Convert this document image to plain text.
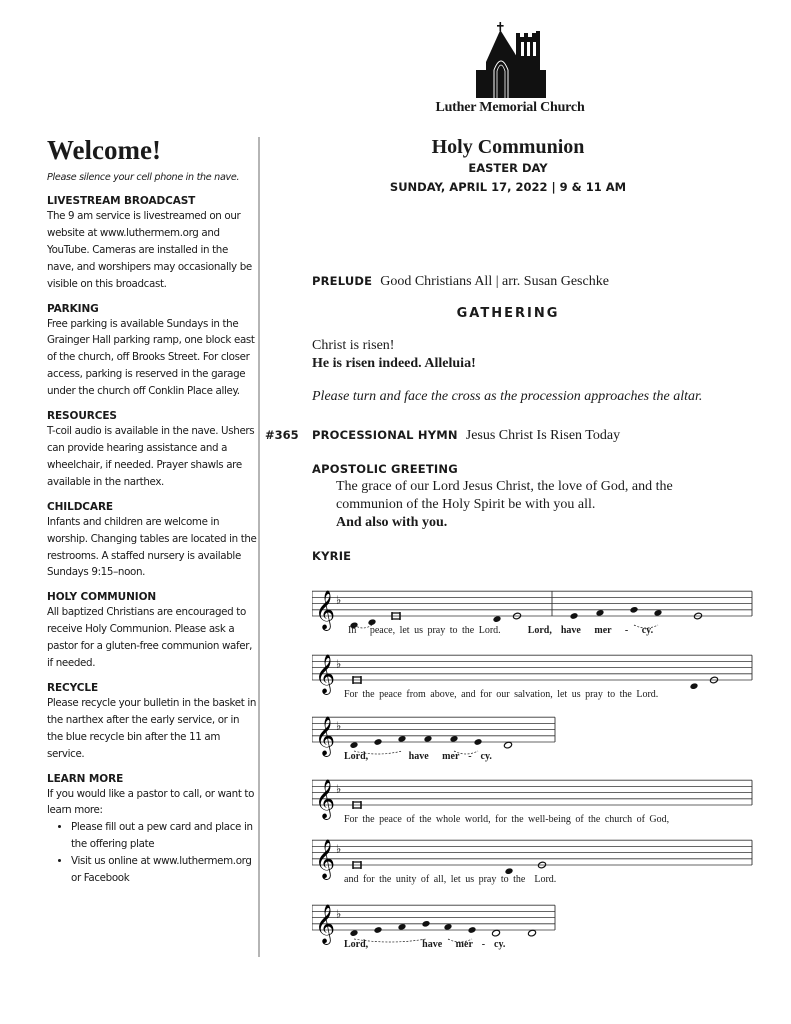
Luther Memorial Church
Welcome!
Please silence your cell phone in the nave.
LIVESTREAM BROADCAST

The 9 am service is livestreamed on our website at www.luthermem.org and YouTube. Cameras are installed in the nave, and worshipers may occasionally be visible on this broadcast.

PARKING

Free parking is available Sundays in the Grainger Hall parking ramp, one block east of the church, off Brooks Street. For closer access, parking is reserved in the garage under the church off Conklin Place alley.

RESOURCES

T-coil audio is available in the nave. Ushers can provide hearing assistance and a wheelchair, if needed. Prayer shawls are available in the narthex.

CHILDCARE

Infants and children are welcome in worship. Changing tables are located in the restrooms. A staffed nursery is available Sundays 9:15–noon.

HOLY COMMUNION

All baptized Christians are encouraged to receive Holy Communion. Please ask a pastor for a gluten-free communion wafer, if needed.

RECYCLE

Please recycle your bulletin in the basket in the narthex after the early service, or in the blue recycle bin after the 11 am service.

LEARN MORE

If you would like a pastor to call, or want to learn more:

• Please fill out a pew card and place in the offering plate
• Visit us online at www.luthermem.org or Facebook
Holy Communion
EASTER DAY
SUNDAY, APRIL 17, 2022 | 9 & 11 AM
PRELUDE Good Christians All | arr. Susan Geschke
GATHERING
Christ is risen!
He is risen indeed. Alleluia!
Please turn and face the cross as the procession approaches the altar.
#365 PROCESSIONAL HYMN Jesus Christ Is Risen Today
APOSTOLIC GREETING
The grace of our Lord Jesus Christ, the love of God, and the
communion of the Holy Spirit be with you all.
And also with you.
KYRIE
𝄞 ♭
In   peace, let us pray to the Lord.      Lord,  have   mer   -   cy.
𝄞 ♭
For the peace from above, and for our salvation, let us pray to the Lord.
𝄞 ♭
Lord,         have   mer  -  cy.
𝄞 ♭
For the peace of the whole world, for the well-being of the church of God,
𝄞 ♭
and for the unity of all, let us pray to the  Lord.
𝄞 ♭
Lord,            have   mer  -  cy.
